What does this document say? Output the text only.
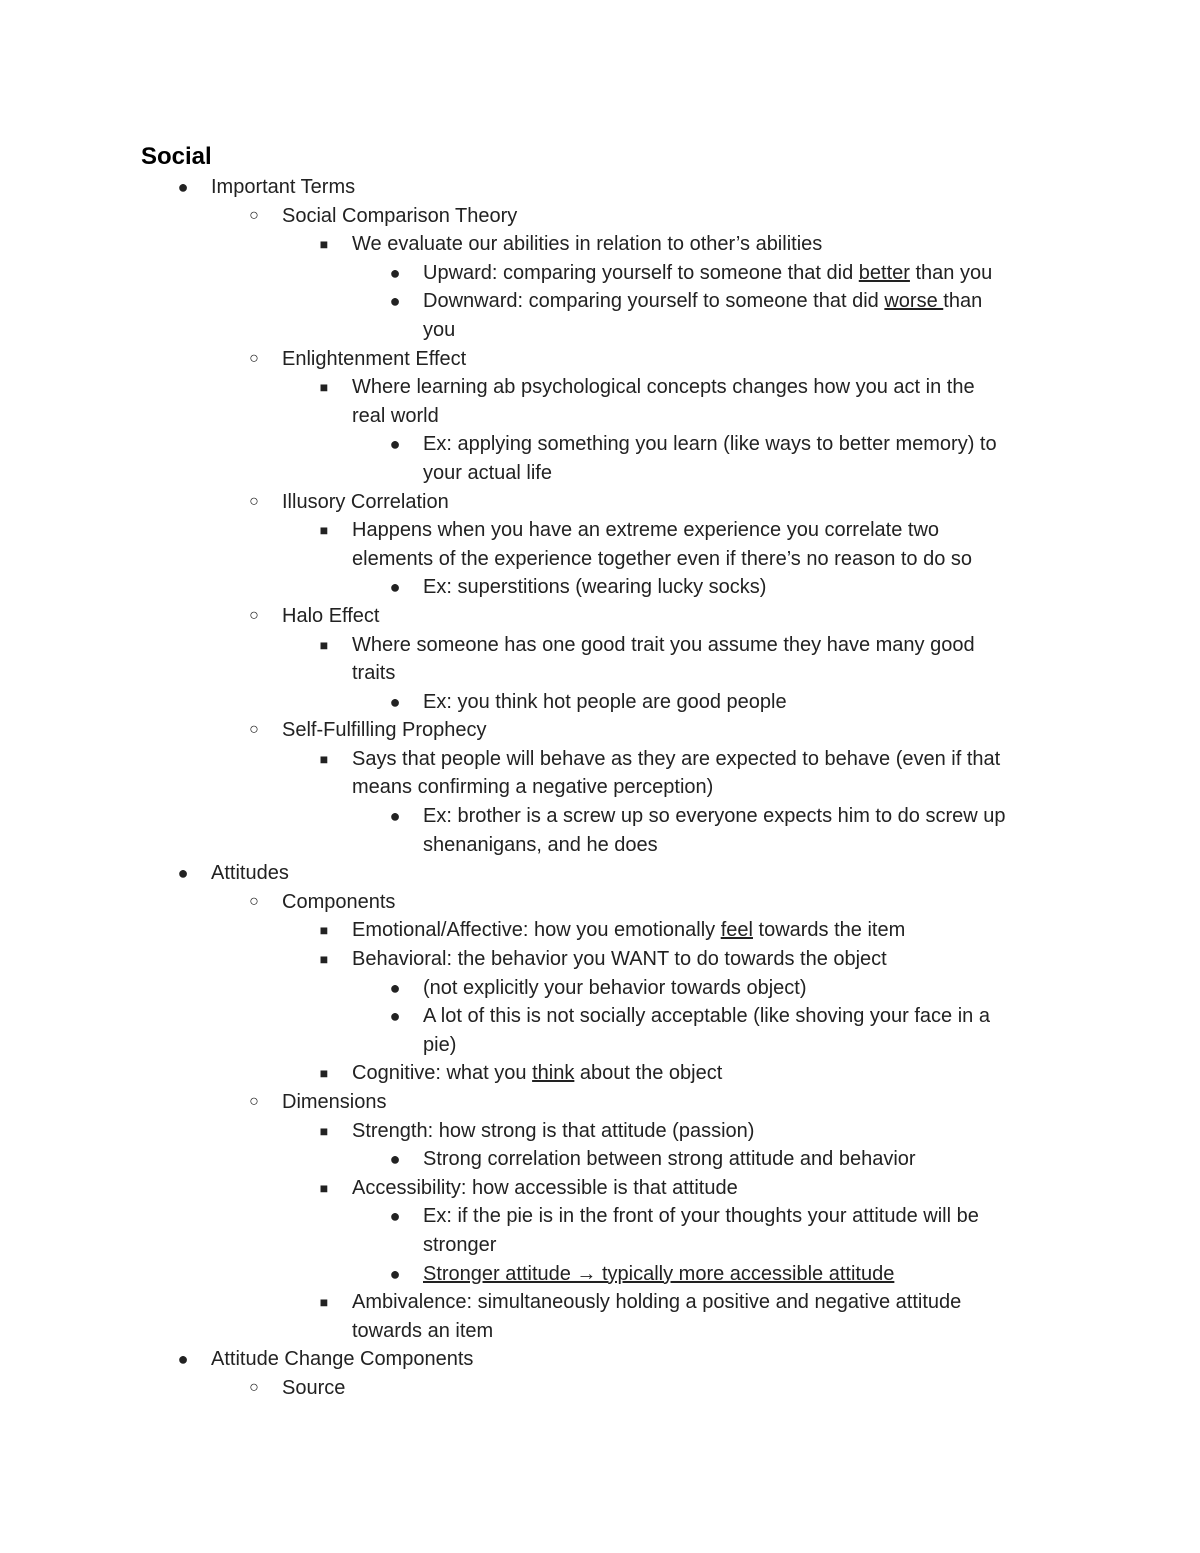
Social
● Important Terms
○ Social Comparison Theory
■ We evaluate our abilities in relation to other’s abilities
● Upward: comparing yourself to someone that did better than you
● Downward: comparing yourself to someone that did worse than
you
○ Enlightenment Effect
■ Where learning ab psychological concepts changes how you act in the
real world
● Ex: applying something you learn (like ways to better memory) to
your actual life
○ Illusory Correlation
■ Happens when you have an extreme experience you correlate two
elements of the experience together even if there’s no reason to do so
● Ex: superstitions (wearing lucky socks)
○ Halo Effect
■ Where someone has one good trait you assume they have many good
traits
● Ex: you think hot people are good people
○ Self-Fulfilling Prophecy
■ Says that people will behave as they are expected to behave (even if that
means confirming a negative perception)
● Ex: brother is a screw up so everyone expects him to do screw up
shenanigans, and he does
● Attitudes
○ Components
■ Emotional/Affective: how you emotionally feel towards the item
■ Behavioral: the behavior you WANT to do towards the object
● (not explicitly your behavior towards object)
● A lot of this is not socially acceptable (like shoving your face in a
pie)
■ Cognitive: what you think about the object
○ Dimensions
■ Strength: how strong is that attitude (passion)
● Strong correlation between strong attitude and behavior
■ Accessibility: how accessible is that attitude
● Ex: if the pie is in the front of your thoughts your attitude will be
stronger
● Stronger attitude → typically more accessible attitude
■ Ambivalence: simultaneously holding a positive and negative attitude
towards an item
● Attitude Change Components
○ Source
